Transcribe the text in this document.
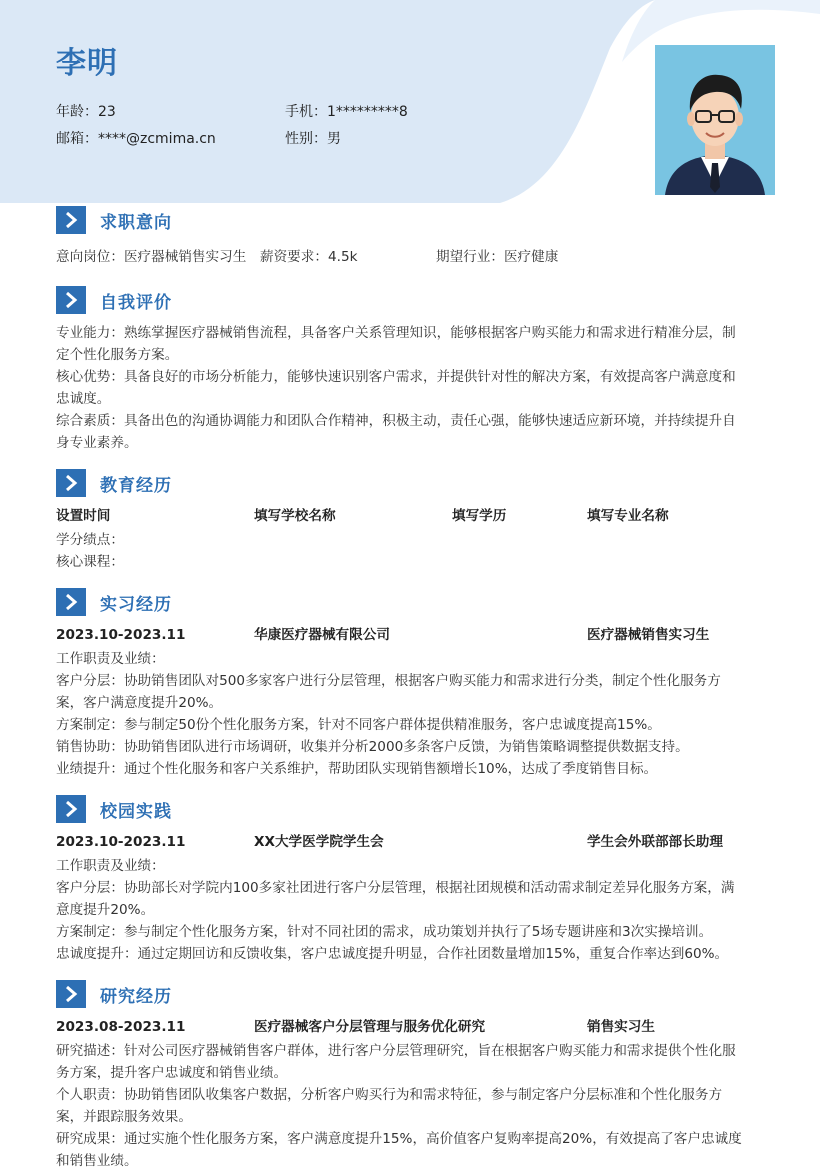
李明
年龄：23	手机：1*********8
邮箱：****@zcmima.cn	性别：男
求职意向
意向岗位：医疗器械销售实习生 薪资要求：4.5k	期望行业：医疗健康
自我评价
专业能力：熟练掌握医疗器械销售流程，具备客户关系管理知识，能够根据客户购买能力和需求进行精准分层，制
定个性化服务方案。
核心优势：具备良好的市场分析能力，能够快速识别客户需求，并提供针对性的解决方案，有效提高客户满意度和
忠诚度。
综合素质：具备出色的沟通协调能力和团队合作精神，积极主动，责任心强，能够快速适应新环境，并持续提升自
身专业素养。
教育经历
设置时间	填写学校名称	填写学历	填写专业名称
学分绩点：
核心课程：
实习经历
2023.10-2023.11	华康医疗器械有限公司	医疗器械销售实习生
工作职责及业绩：
客户分层：协助销售团队对500多家客户进行分层管理，根据客户购买能力和需求进行分类，制定个性化服务方
案，客户满意度提升20%。
方案制定：参与制定50份个性化服务方案，针对不同客户群体提供精准服务，客户忠诚度提高15%。
销售协助：协助销售团队进行市场调研，收集并分析2000多条客户反馈，为销售策略调整提供数据支持。
业绩提升：通过个性化服务和客户关系维护，帮助团队实现销售额增长10%，达成了季度销售目标。
校园实践
2023.10-2023.11	XX大学医学院学生会	学生会外联部部长助理
工作职责及业绩：
客户分层：协助部长对学院内100多家社团进行客户分层管理，根据社团规模和活动需求制定差异化服务方案，满
意度提升20%。
方案制定：参与制定个性化服务方案，针对不同社团的需求，成功策划并执行了5场专题讲座和3次实操培训。
忠诚度提升：通过定期回访和反馈收集，客户忠诚度提升明显，合作社团数量增加15%，重复合作率达到60%。
研究经历
2023.08-2023.11	医疗器械客户分层管理与服务优化研究	销售实习生
研究描述：针对公司医疗器械销售客户群体，进行客户分层管理研究，旨在根据客户购买能力和需求提供个性化服
务方案，提升客户忠诚度和销售业绩。
个人职责：协助销售团队收集客户数据，分析客户购买行为和需求特征，参与制定客户分层标准和个性化服务方
案，并跟踪服务效果。
研究成果：通过实施个性化服务方案，客户满意度提升15%，高价值客户复购率提高20%，有效提高了客户忠诚度
和销售业绩。
